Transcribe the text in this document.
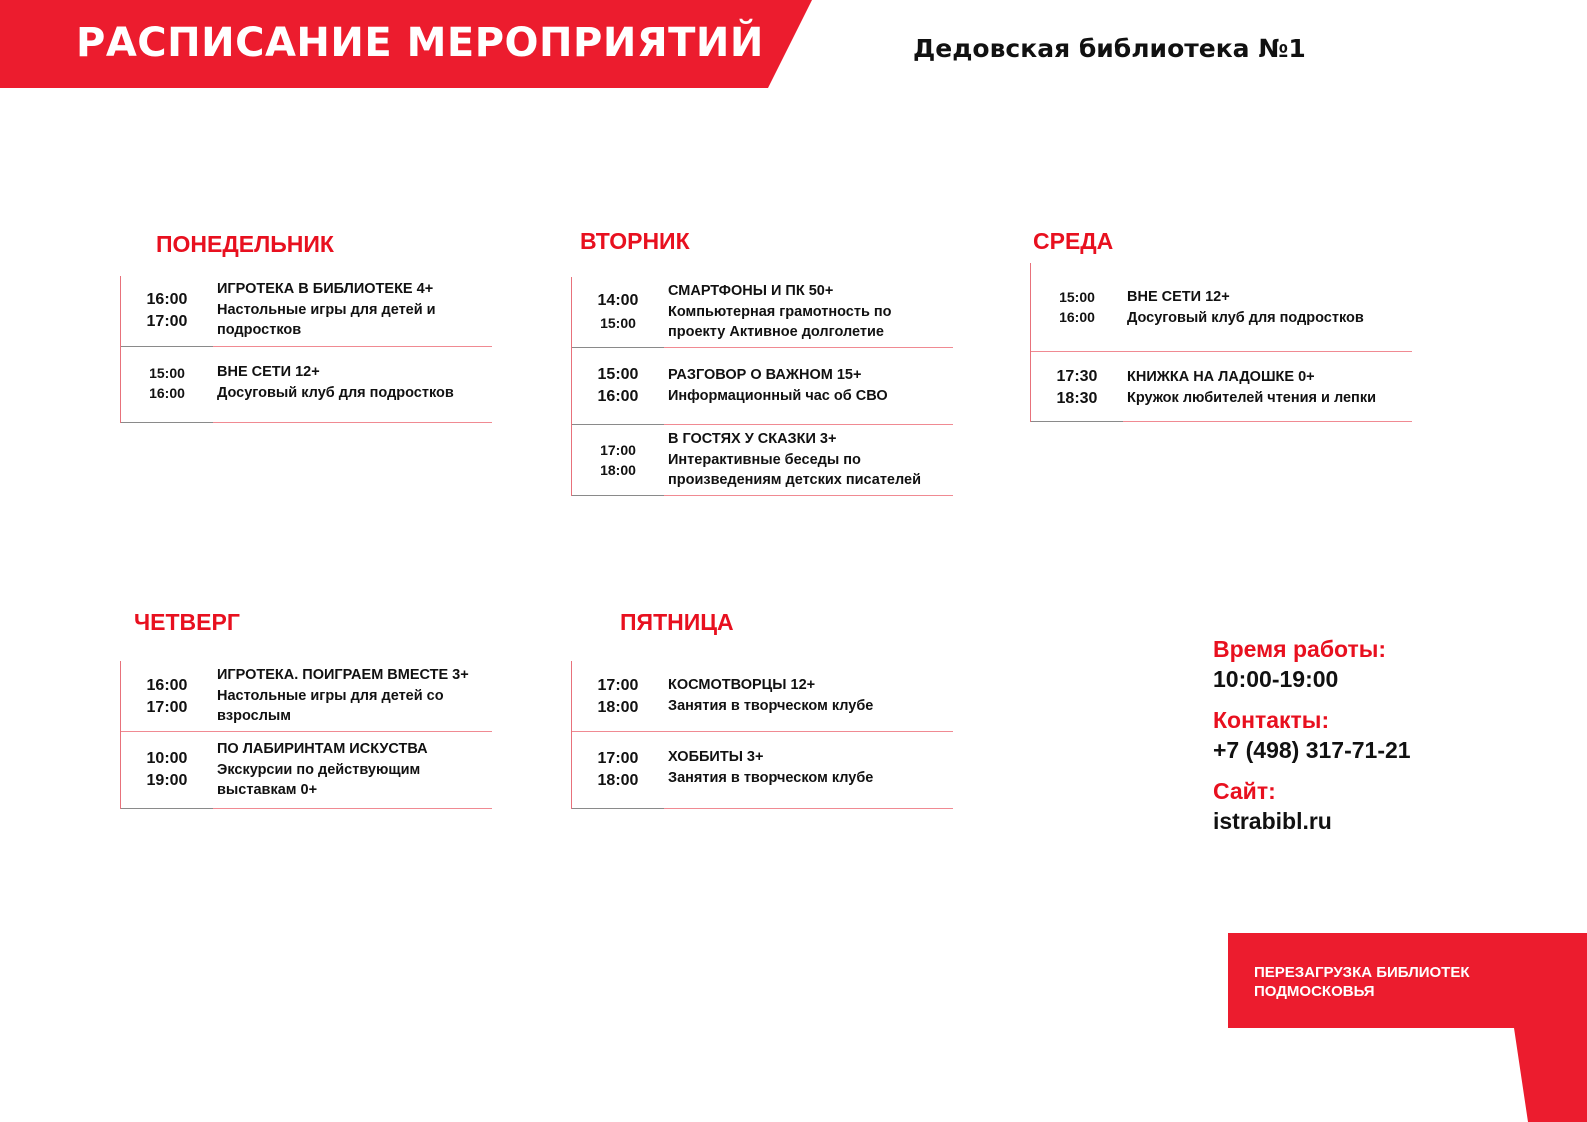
РАСПИСАНИЕ МЕРОПРИЯТИЙ	Дедовская библиотека №1
ПОНЕДЕЛЬНИК
16:00
17:00
ИГРОТЕКА В БИБЛИОТЕКЕ 4+
Настольные игры для детей и подростков
15:00
16:00
ВНЕ СЕТИ 12+
Досуговый клуб для подростков
ВТОРНИК
14:00
15:00
СМАРТФОНЫ И ПК 50+
Компьютерная грамотность по проекту Активное долголетие
15:00
16:00
РАЗГОВОР О ВАЖНОМ 15+
Информационный час об СВО
17:00
18:00
В ГОСТЯХ У СКАЗКИ 3+
Интерактивные беседы по произведениям детских писателей
СРЕДА
15:00
16:00
ВНЕ СЕТИ 12+
Досуговый клуб для подростков
17:30
18:30
КНИЖКА НА ЛАДОШКЕ 0+
Кружок любителей чтения и лепки
ЧЕТВЕРГ
16:00
17:00
ИГРОТЕКА. ПОИГРАЕМ ВМЕСТЕ 3+
Настольные игры для детей со взрослым
10:00
19:00
ПО ЛАБИРИНТАМ ИСКУСТВА
Экскурсии по действующим выставкам 0+
ПЯТНИЦА
17:00
18:00
КОСМОТВОРЦЫ 12+
Занятия в творческом клубе
17:00
18:00
ХОББИТЫ 3+
Занятия в творческом клубе
Время работы:
10:00-19:00
Контакты:
+7 (498) 317-71-21
Сайт:
istrabibl.ru
ПЕРЕЗАГРУЗКА БИБЛИОТЕК ПОДМОСКОВЬЯ
